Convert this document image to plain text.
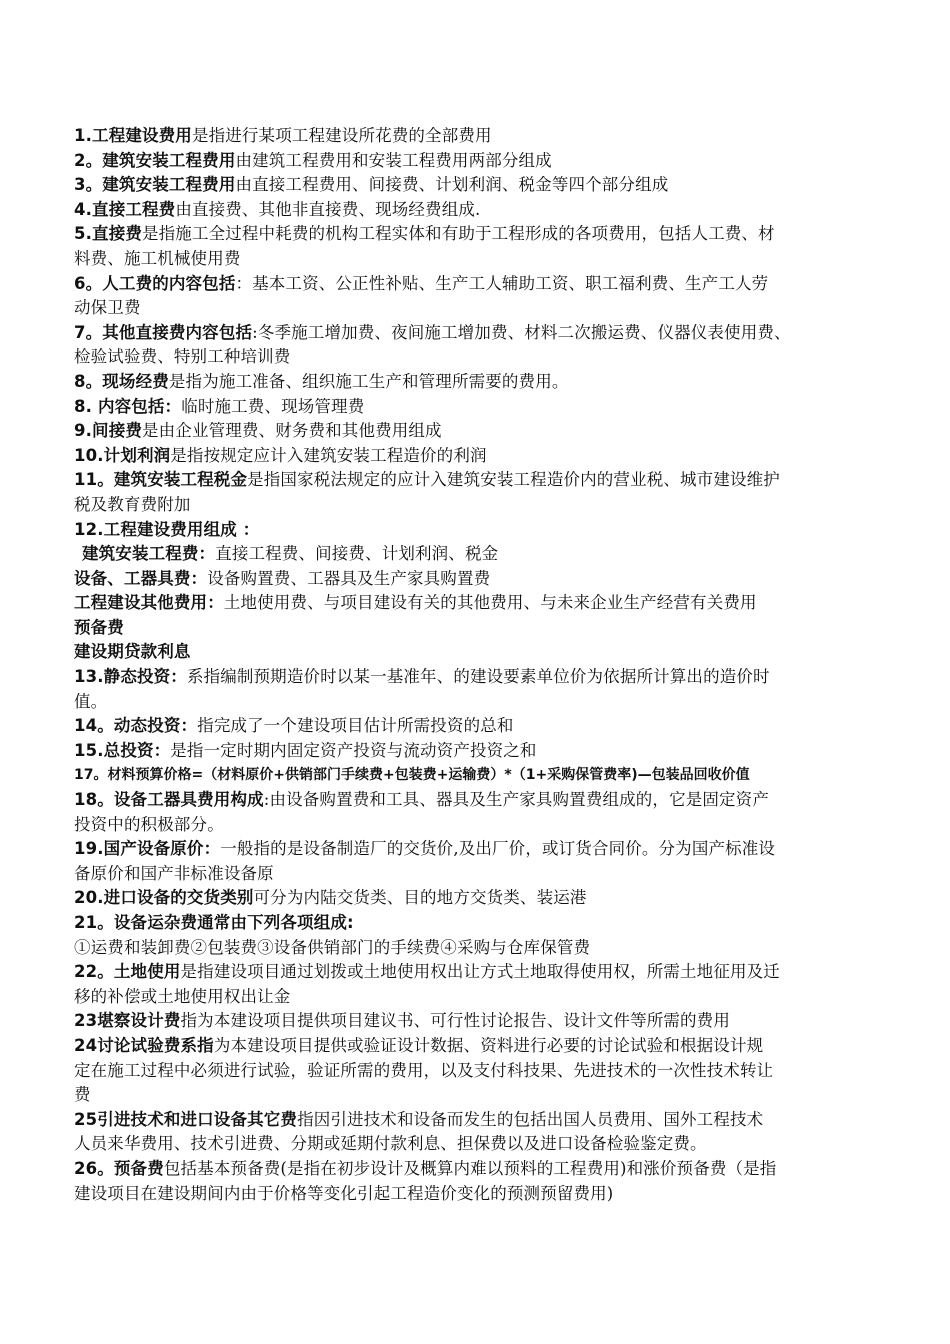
1.工程建设费用是指进行某项工程建设所花费的全部费用
2。建筑安装工程费用由建筑工程费用和安装工程费用两部分组成
3。建筑安装工程费用由直接工程费用、间接费、计划利润、税金等四个部分组成
4.直接工程费由直接费、其他非直接费、现场经费组成.
5.直接费是指施工全过程中耗费的机构工程实体和有助于工程形成的各项费用，包括人工费、材
料费、施工机械使用费
6。人工费的内容包括：基本工资、公正性补贴、生产工人辅助工资、职工福利费、生产工人劳
动保卫费
7。其他直接费内容包括:冬季施工增加费、夜间施工增加费、材料二次搬运费、仪器仪表使用费、
检验试验费、特别工种培训费
8。现场经费是指为施工准备、组织施工生产和管理所需要的费用。
8. 内容包括：临时施工费、现场管理费
9.间接费是由企业管理费、财务费和其他费用组成
10.计划利润是指按规定应计入建筑安装工程造价的利润
11。建筑安装工程税金是指国家税法规定的应计入建筑安装工程造价内的营业税、城市建设维护
税及教育费附加
12.工程建设费用组成 ：
建筑安装工程费：直接工程费、间接费、计划利润、税金
设备、工器具费：设备购置费、工器具及生产家具购置费
工程建设其他费用：土地使用费、与项目建设有关的其他费用、与未来企业生产经营有关费用
预备费
建设期贷款利息
13.静态投资：系指编制预期造价时以某一基准年、的建设要素单位价为依据所计算出的造价时
值。
14。动态投资：指完成了一个建设项目估计所需投资的总和
15.总投资：是指一定时期内固定资产投资与流动资产投资之和
17。材料预算价格=（材料原价+供销部门手续费+包装费+运输费）*（1+采购保管费率)—包装品回收价值
18。设备工器具费用构成:由设备购置费和工具、器具及生产家具购置费组成的，它是固定资产
投资中的积极部分。
19.国产设备原价：一般指的是设备制造厂的交货价,及出厂价，或订货合同价。分为国产标准设
备原价和国产非标准设备原
20.进口设备的交货类别可分为内陆交货类、目的地方交货类、装运港
21。设备运杂费通常由下列各项组成:
①运费和装卸费②包装费③设备供销部门的手续费④采购与仓库保管费
22。土地使用是指建设项目通过划拨或土地使用权出让方式土地取得使用权，所需土地征用及迁
移的补偿或土地使用权出让金
23堪察设计费指为本建设项目提供项目建议书、可行性讨论报告、设计文件等所需的费用
24讨论试验费系指为本建设项目提供或验证设计数据、资料进行必要的讨论试验和根据设计规
定在施工过程中必须进行试验，验证所需的费用，以及支付科技果、先进技术的一次性技术转让
费
25引进技术和进口设备其它费指因引进技术和设备而发生的包括出国人员费用、国外工程技术
人员来华费用、技术引进费、分期或延期付款利息、担保费以及进口设备检验鉴定费。
26。预备费包括基本预备费(是指在初步设计及概算内难以预料的工程费用)和涨价预备费（是指
建设项目在建设期间内由于价格等变化引起工程造价变化的预测预留费用)
